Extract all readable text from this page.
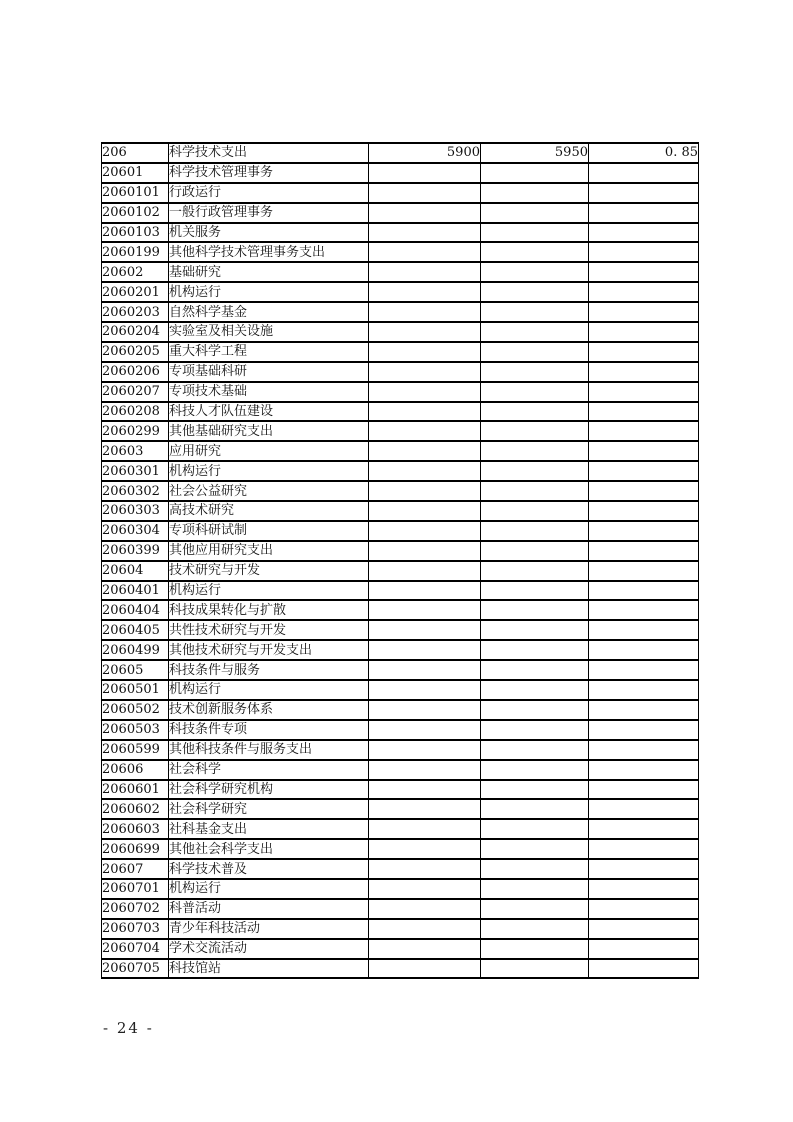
206	科学技术支出	5900	5950	0. 85
20601	科学技术管理事务			
2060101	行政运行			
2060102	一般行政管理事务			
2060103	机关服务			
2060199	其他科学技术管理事务支出			
20602	基础研究			
2060201	机构运行			
2060203	自然科学基金			
2060204	实验室及相关设施			
2060205	重大科学工程			
2060206	专项基础科研			
2060207	专项技术基础			
2060208	科技人才队伍建设			
2060299	其他基础研究支出			
20603	应用研究			
2060301	机构运行			
2060302	社会公益研究			
2060303	高技术研究			
2060304	专项科研试制			
2060399	其他应用研究支出			
20604	技术研究与开发			
2060401	机构运行			
2060404	科技成果转化与扩散			
2060405	共性技术研究与开发			
2060499	其他技术研究与开发支出			
20605	科技条件与服务			
2060501	机构运行			
2060502	技术创新服务体系			
2060503	科技条件专项			
2060599	其他科技条件与服务支出			
20606	社会科学			
2060601	社会科学研究机构			
2060602	社会科学研究			
2060603	社科基金支出			
2060699	其他社会科学支出			
20607	科学技术普及			
2060701	机构运行			
2060702	科普活动			
2060703	青少年科技活动			
2060704	学术交流活动			
2060705	科技馆站			
- 24 -
